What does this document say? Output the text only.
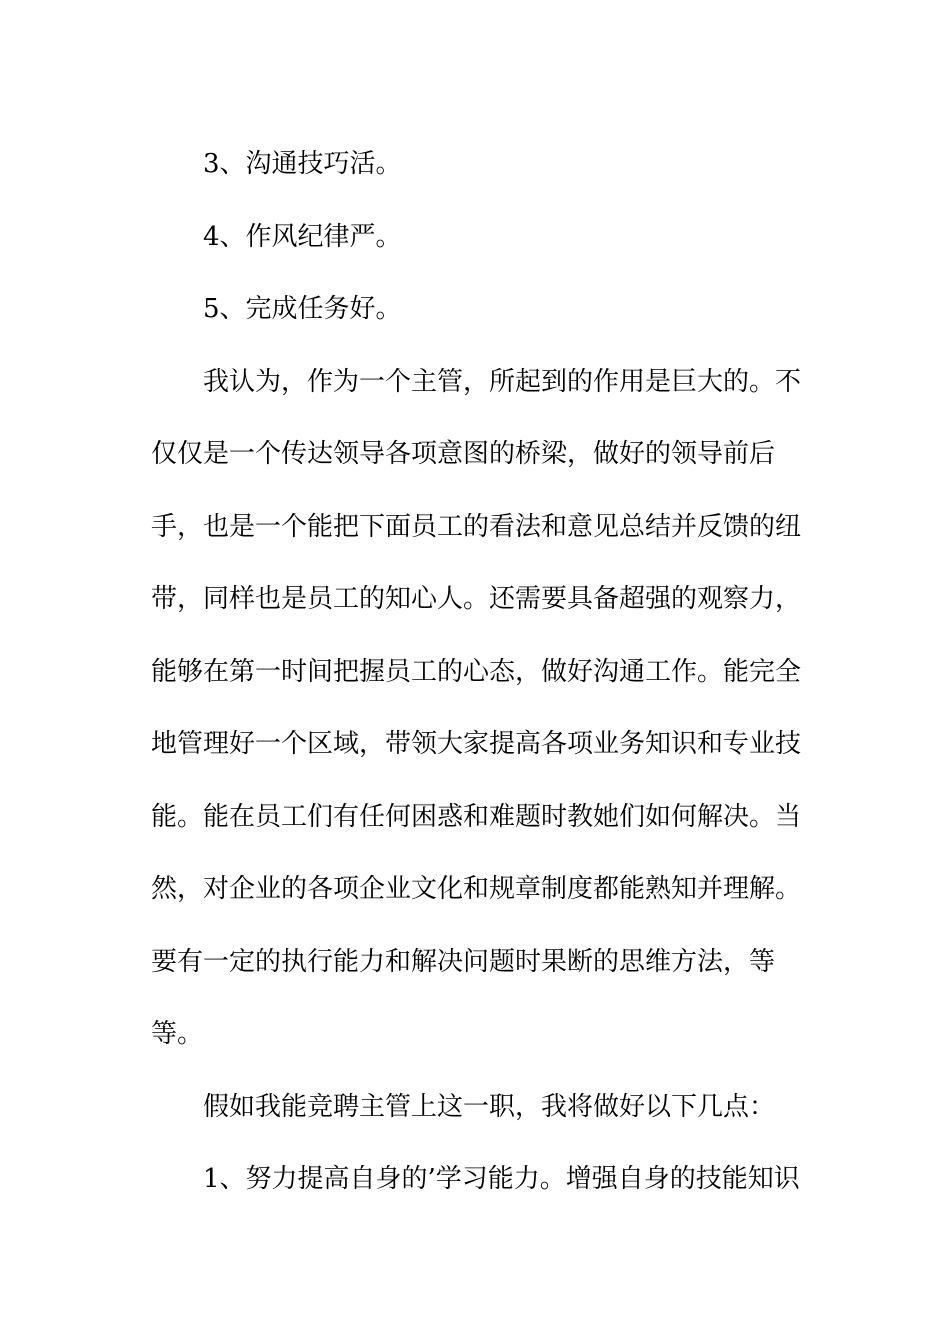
3、沟通技巧活。
4、作风纪律严。
5、完成任务好。
我认为，作为一个主管，所起到的作用是巨大的。不
仅仅是一个传达领导各项意图的桥梁，做好的领导前后
手，也是一个能把下面员工的看法和意见总结并反馈的纽
带，同样也是员工的知心人。还需要具备超强的观察力，
能够在第一时间把握员工的心态，做好沟通工作。能完全
地管理好一个区域，带领大家提高各项业务知识和专业技
能。能在员工们有任何困惑和难题时教她们如何解决。当
然，对企业的各项企业文化和规章制度都能熟知并理解。
要有一定的执行能力和解决问题时果断的思维方法，等
等。
假如我能竞聘主管上这一职，我将做好以下几点：
1、努力提高自身的’学习能力。增强自身的技能知识
